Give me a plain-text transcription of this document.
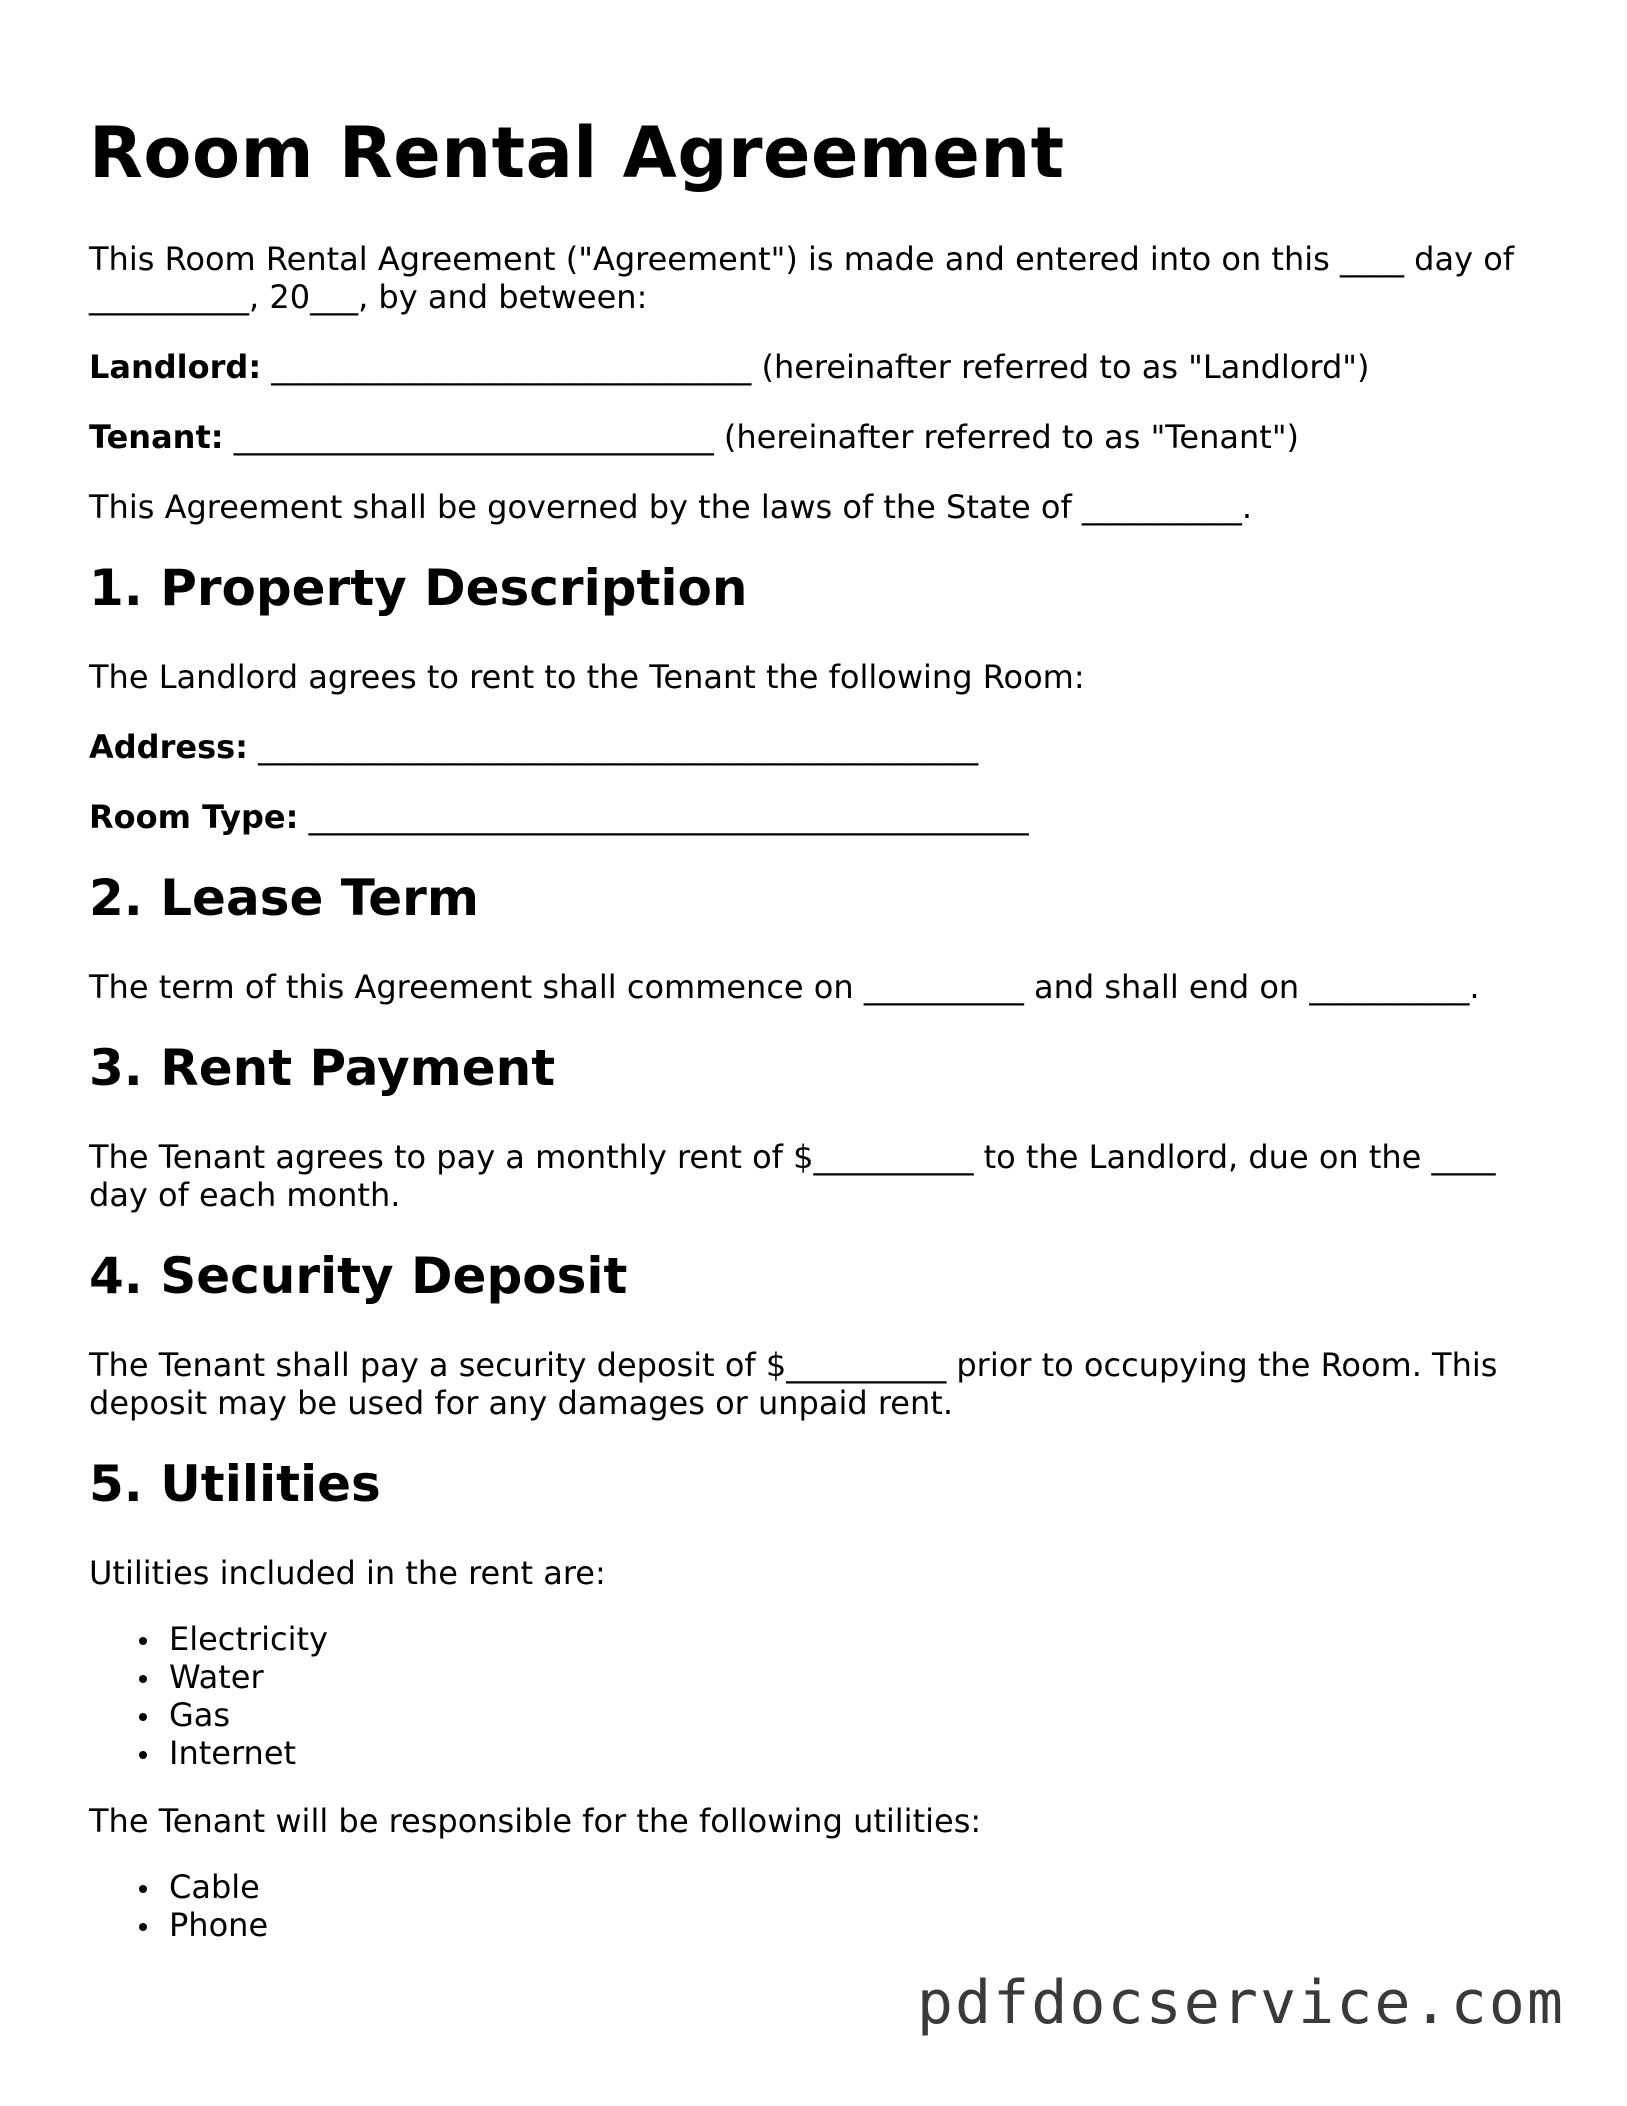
Room Rental Agreement

This Room Rental Agreement ("Agreement") is made and entered into on this ____ day of __________, 20___, by and between:

Landlord: ______________________________ (hereinafter referred to as "Landlord")

Tenant: ______________________________ (hereinafter referred to as "Tenant")

This Agreement shall be governed by the laws of the State of __________.

1. Property Description

The Landlord agrees to rent to the Tenant the following Room:

Address: _____________________________________________

Room Type: _____________________________________________

2. Lease Term

The term of this Agreement shall commence on __________ and shall end on __________.

3. Rent Payment

The Tenant agrees to pay a monthly rent of $__________ to the Landlord, due on the ____ day of each month.

4. Security Deposit

The Tenant shall pay a security deposit of $__________ prior to occupying the Room. This deposit may be used for any damages or unpaid rent.

5. Utilities

Utilities included in the rent are:

Electricity
Water
Gas
Internet

The Tenant will be responsible for the following utilities:

Cable
Phone
pdfdocservice.com
